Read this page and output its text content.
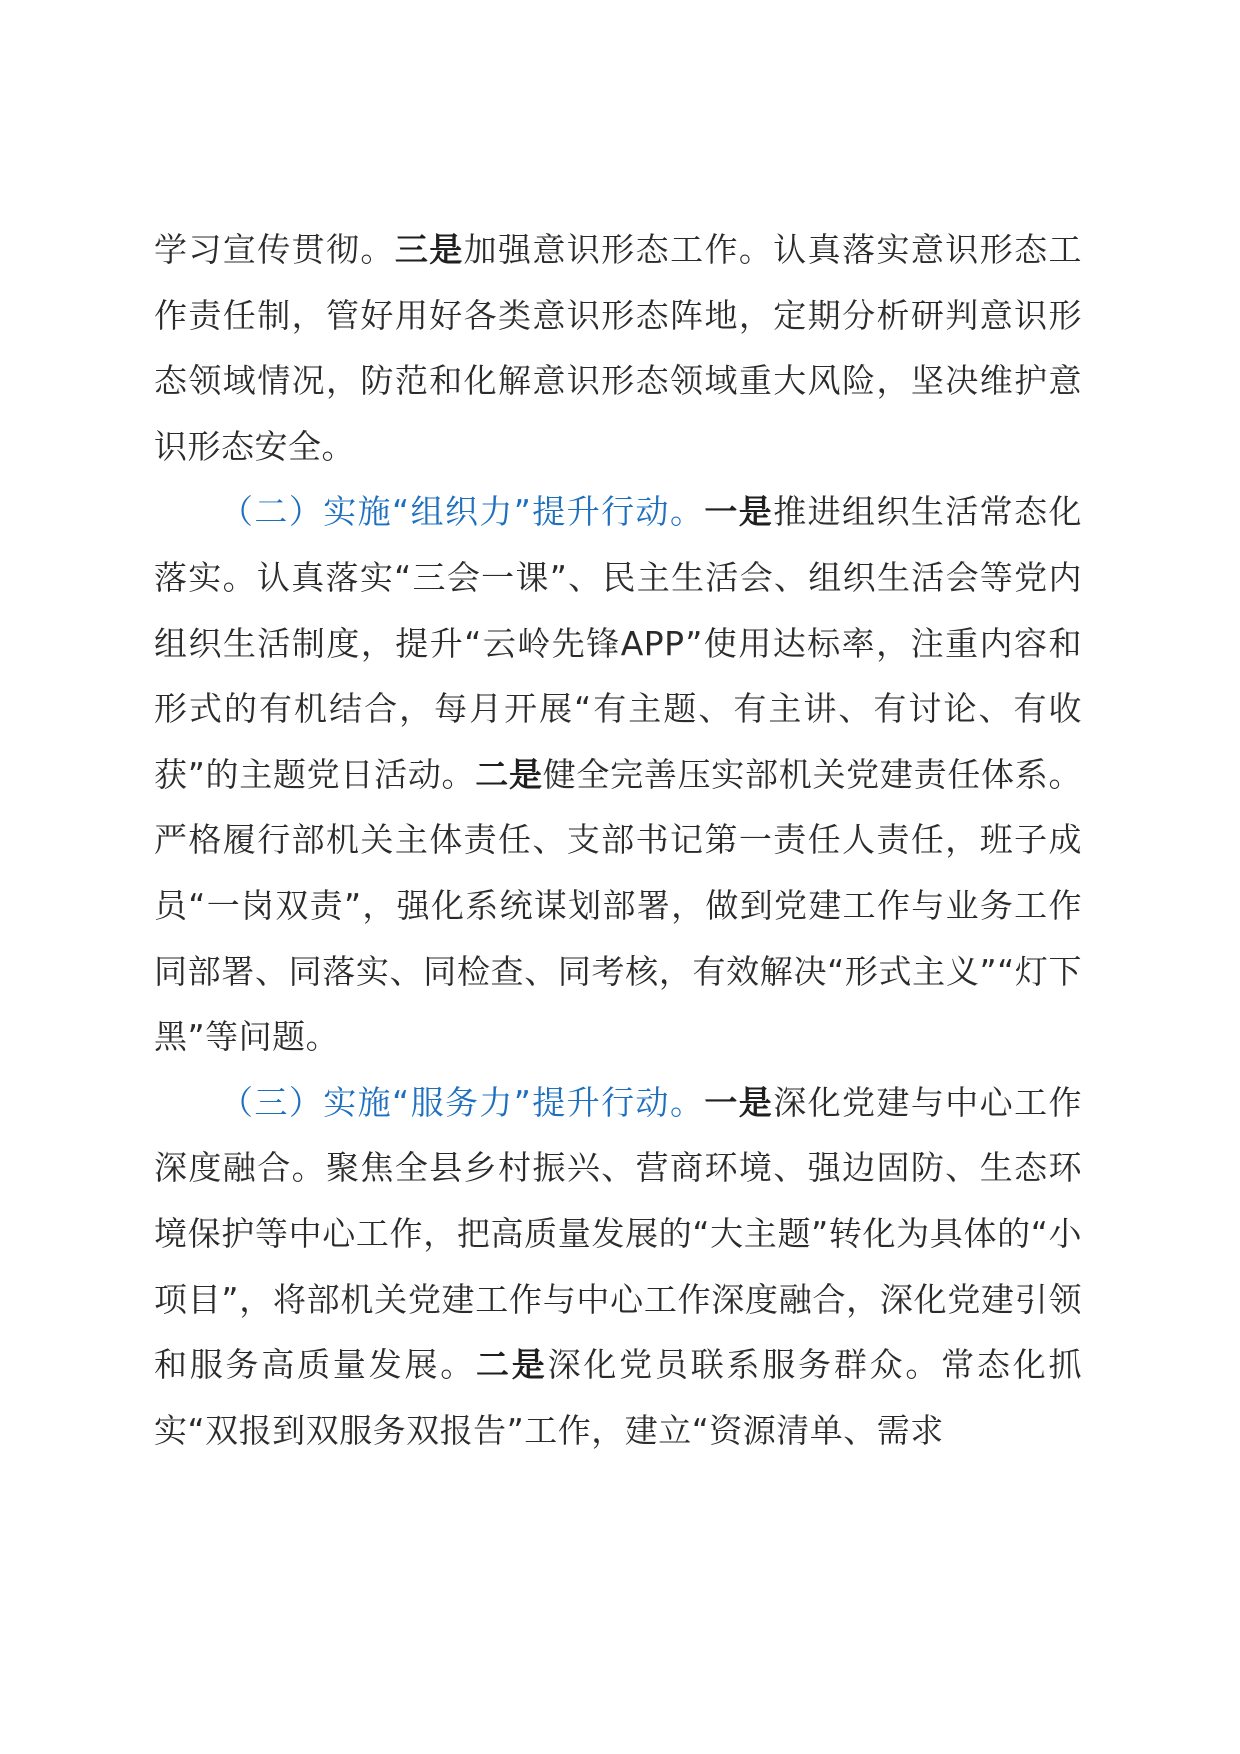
学习宣传贯彻。三是加强意识形态工作。认真落实意识形态工作责任制，管好用好各类意识形态阵地，定期分析研判意识形态领域情况，防范和化解意识形态领域重大风险，坚决维护意识形态安全。

（二）实施“组织力”提升行动。一是推进组织生活常态化落实。认真落实“三会一课”、民主生活会、组织生活会等党内组织生活制度，提升“云岭先锋APP”使用达标率，注重内容和形式的有机结合，每月开展“有主题、有主讲、有讨论、有收获”的主题党日活动。二是健全完善压实部机关党建责任体系。严格履行部机关主体责任、支部书记第一责任人责任，班子成员“一岗双责”，强化系统谋划部署，做到党建工作与业务工作同部署、同落实、同检查、同考核，有效解决“形式主义”“灯下黑”等问题。

（三）实施“服务力”提升行动。一是深化党建与中心工作深度融合。聚焦全县乡村振兴、营商环境、强边固防、生态环境保护等中心工作，把高质量发展的“大主题”转化为具体的“小项目”，将部机关党建工作与中心工作深度融合，深化党建引领和服务高质量发展。二是深化党员联系服务群众。常态化抓实“双报到双服务双报告”工作，建立“资源清单、需求
